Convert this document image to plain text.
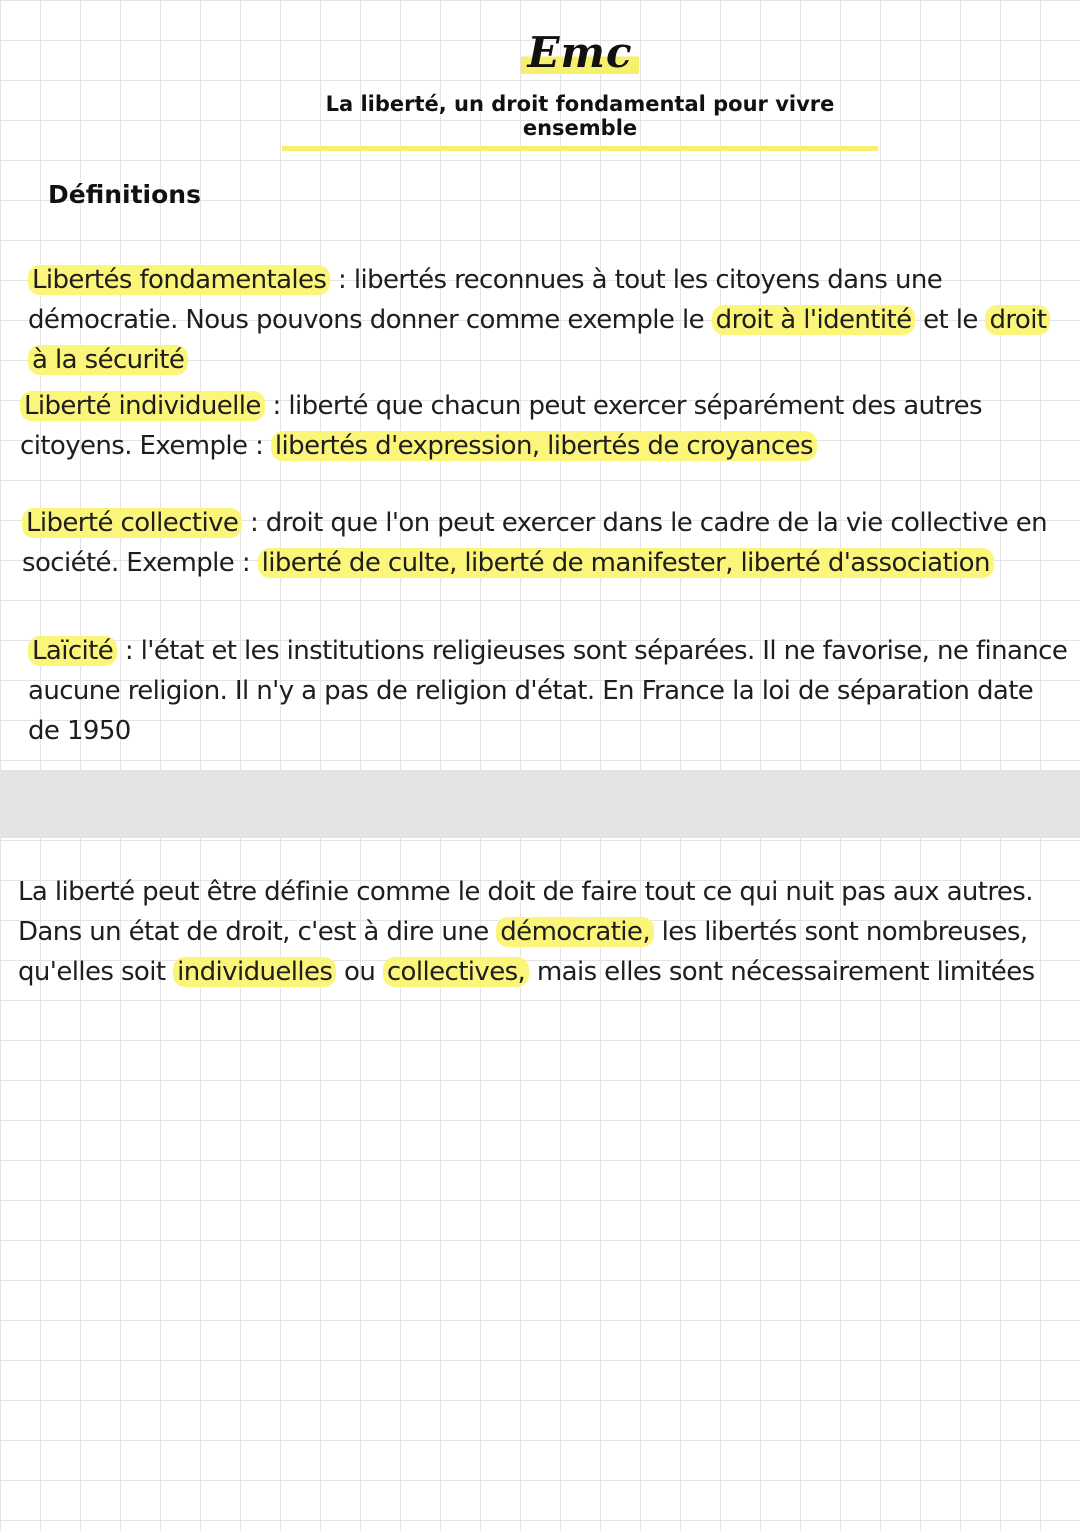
Emc
La liberté, un droit fondamental pour vivre ensemble
Définitions
Libertés fondamentales : libertés reconnues à tout les citoyens dans une démocratie. Nous pouvons donner comme exemple le droit à l'identité et le droit à la sécurité
Liberté individuelle : liberté que chacun peut exercer séparément des autres citoyens. Exemple : libertés d'expression, libertés de croyances
Liberté collective : droit que l'on peut exercer dans le cadre de la vie collective en société. Exemple : liberté de culte, liberté de manifester, liberté d'association
Laïcité : l'état et les institutions religieuses sont séparées. Il ne favorise, ne finance aucune religion. Il n'y a pas de religion d'état. En France la loi de séparation date de 1950
La liberté peut être définie comme le doit de faire tout ce qui nuit pas aux autres. Dans un état de droit, c'est à dire une démocratie, les libertés sont nombreuses, qu'elles soit individuelles ou collectives, mais elles sont nécessairement limitées
